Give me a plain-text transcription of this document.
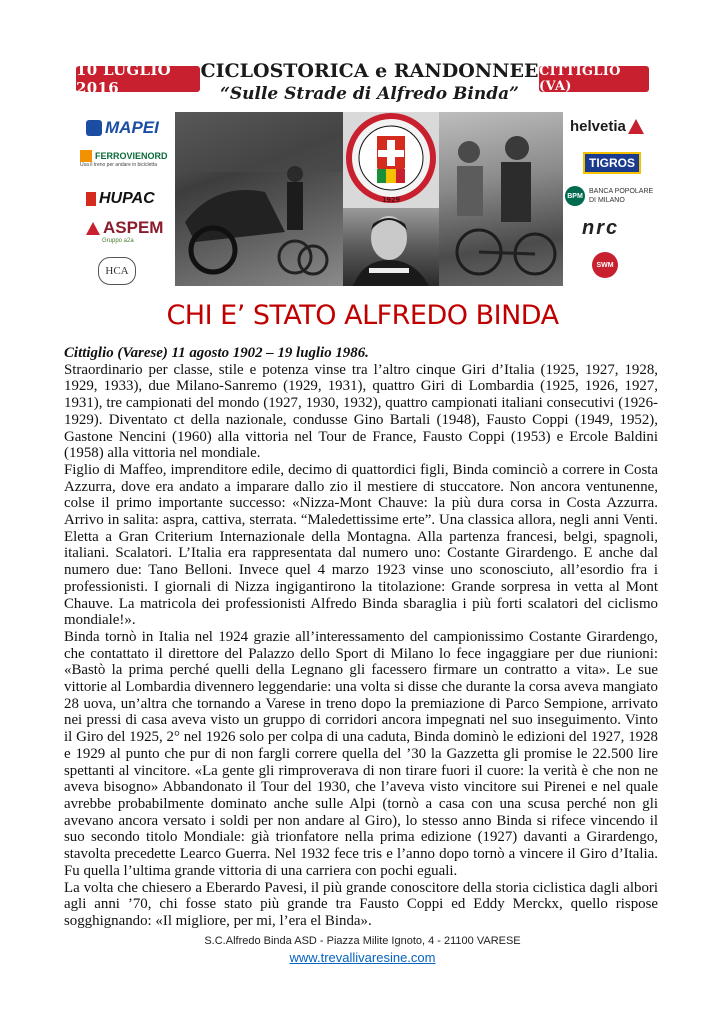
10 LUGLIO 2016
CICLOSTORICA e RANDONNEE
“Sulle Strade di Alfredo Binda”
CITTIGLIO (VA)
MAPEI
FERROVIENORD
Usa il treno per andare in bicicletta
HUPAC
ASPEM
Gruppo a2a
HCA
helvetia
TIGROS
BPM
BANCA POPOLARE DI MILANO
nrc
SWM
1929
CHI E’ STATO ALFREDO BINDA

Cittiglio (Varese) 11 agosto 1902 – 19 luglio 1986.

Straordinario per classe, stile e potenza vinse tra l’altro cinque Giri d’Italia (1925, 1927, 1928, 1929, 1933), due Milano-Sanremo (1929, 1931), quattro Giri di Lombardia (1925, 1926, 1927, 1931), tre campionati del mondo (1927, 1930, 1932), quattro campionati italiani consecutivi (1926-1929). Diventato ct della nazionale, condusse Gino Bartali (1948), Fausto Coppi (1949, 1952), Gastone Nencini (1960) alla vittoria nel Tour de France, Fausto Coppi (1953) e Ercole Baldini (1958) alla vittoria nel mondiale.

Figlio di Maffeo, imprenditore edile, decimo di quattordici figli, Binda cominciò a correre in Costa Azzurra, dove era andato a imparare dallo zio il mestiere di stuccatore. Non ancora ventunenne, colse il primo importante successo: «Nizza-Mont Chauve: la più dura corsa in Costa Azzurra. Arrivo in salita: aspra, cattiva, sterrata. “Maledettissime erte”. Una classica allora, negli anni Venti. Eletta a Gran Criterium Internazionale della Montagna. Alla partenza francesi, belgi, spagnoli, italiani. Scalatori. L’Italia era rappresentata dal numero uno: Costante Girardengo. E anche dal numero due: Tano Belloni. Invece quel 4 marzo 1923 vinse uno sconosciuto, all’esordio fra i professionisti. I giornali di Nizza ingigantirono la titolazione: Grande sorpresa in vetta al Mont Chauve. La matricola dei professionisti Alfredo Binda sbaraglia i più forti scalatori del ciclismo mondiale!».

Binda tornò in Italia nel 1924 grazie all’interessamento del campionissimo Costante Girardengo, che contattato il direttore del Palazzo dello Sport di Milano lo fece ingaggiare per due riunioni: «Bastò la prima perché quelli della Legnano gli facessero firmare un contratto a vita». Le sue vittorie al Lombardia divennero leggendarie: una volta si disse che durante la corsa aveva mangiato 28 uova, un’altra che tornando a Varese in treno dopo la premiazione di Parco Sempione, arrivato nei pressi di casa aveva visto un gruppo di corridori ancora impegnati nel suo inseguimento. Vinto il Giro del 1925, 2° nel 1926 solo per colpa di una caduta, Binda dominò le edizioni del 1927, 1928 e 1929 al punto che pur di non fargli correre quella del ’30 la Gazzetta gli promise le 22.500 lire spettanti al vincitore. «La gente gli rimproverava di non tirare fuori il cuore: la verità è che non ne aveva bisogno» Abbandonato il Tour del 1930, che l’aveva visto vincitore sui Pirenei e nel quale avrebbe probabilmente dominato anche sulle Alpi (tornò a casa con una scusa perché non gli avevano ancora versato i soldi per non andare al Giro), lo stesso anno Binda si rifece vincendo il suo secondo titolo Mondiale: già trionfatore nella prima edizione (1927) davanti a Girardengo, stavolta precedette Learco Guerra. Nel 1932 fece tris e l’anno dopo tornò a vincere il Giro d’Italia. Fu quella l’ultima grande vittoria di una carriera con pochi eguali.

La volta che chiesero a Eberardo Pavesi, il più grande conoscitore della storia ciclistica dagli albori agli anni ’70, chi fosse stato più grande tra Fausto Coppi ed Eddy Merckx, quello rispose sogghignando: «Il migliore, per mi, l’era el Binda».

S.C.Alfredo Binda ASD - Piazza Milite Ignoto, 4 - 21100 VARESE
www.trevallivaresine.com
